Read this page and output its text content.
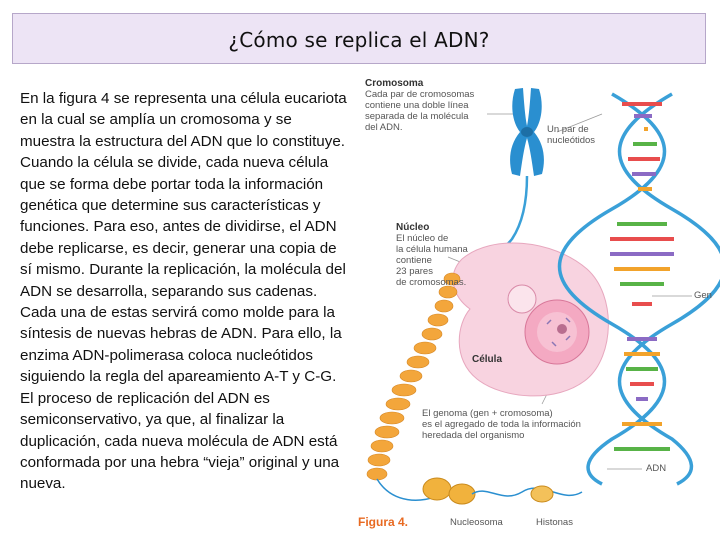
¿Cómo se replica el ADN?
En la figura 4 se representa una célula eucariota en la cual se amplía un cromosoma y se muestra la estructura del ADN que lo constituye. Cuando la célula se divide, cada nueva célula que se forma debe portar toda la información genética que determine sus características y funciones. Para eso, antes de dividirse, el ADN debe replicarse, es decir, generar una copia de sí mismo. Durante la replicación, la molécula del ADN se desarrolla, separando sus cadenas. Cada una de estas servirá como molde para la síntesis de nuevas hebras de ADN. Para ello, la enzima ADN-polimerasa coloca nucleótidos siguiendo la regla del apareamiento A-T y C-G. El proceso de replicación del ADN es semiconservativo, ya que, al finalizar la duplicación, cada nueva molécula de ADN está conformada por una hebra “vieja” original y una nueva.
Cromosoma
Cada par de cromosomas
contiene una doble línea
separada de la molécula
del ADN.	Un par de
nucleótidos
Núcleo
El núcleo de
la célula humana
contiene
23 pares
de cromosomas.
Célula
Gen
El genoma (gen + cromosoma)
es el agregado de toda la información
heredada del organismo
ADN
Figura 4.	Nucleosoma	Histonas
